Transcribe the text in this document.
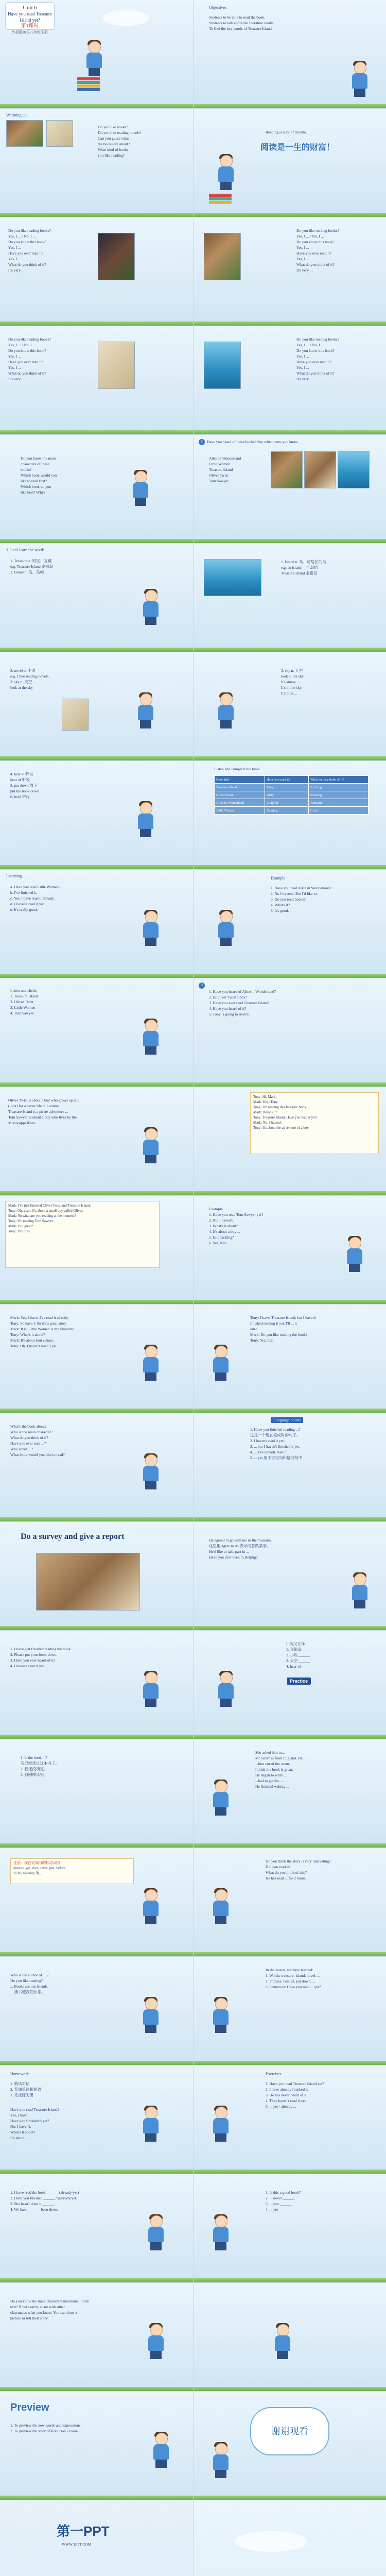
Unit 6
Have you read Treasure Island yet?
第1课时
外研版英语八年级下册
Objectives
Students to be able to read the book.
Students to talk about the literature works.
To find the key words of Treasure Island.
Warming up
Do you like books?
Do you like reading novels?
Can you guess what
the books are about?
What kind of books
you like reading?
Reading is a lot of trouble.
阅读是一生的财富！
Do you like reading books?
Yes, I ... / No, I ...
Do you know this book?
Yes, I ...
Have you ever read it?
Yes, I ...
What do you think of it?
It's very ...
Do you like reading books?
Yes, I ... / No, I ...
Do you know this book?
Yes, I ...
Have you ever read it?
Yes, I ...
What do you think of it?
It's very ...
Do you like reading books?
Yes, I ... / No, I ...
Do you know this book?
Yes, I ...
Have you ever read it?
Yes, I ...
What do you think of it?
It's very ...
Do you like reading books?
Yes, I ... / No, I ...
Do you know this book?
Yes, I ...
Have you ever read it?
Yes, I ...
What do you think of it?
It's very ...
Do you know the main
characters of these
books?
Which book would you
like to read first?
Which book do you
like best? Why?
1	Have you heard of these books? Say which ones you know.
Alice in Wonderland
Little Women
Treasure Island
Oliver Twist
Tom Sawyer
1. Let's learn the words
1. Treasure n. 财宝，宝藏
e.g. Treasure Island 金银岛
2. Island n. 岛，岛屿
1. Island n. 岛；可居住的岛
e.g. an island 一个岛屿
Treasure Island 金银岛
2. novel n. 小说
e.g. I like reading novels.
3. sky n. 天空
look at the sky
3. sky n. 天空
look at the sky
It's sunny ...
It's in the sky.
It's blue ...
4. hear v. 听说
hear of 听说
5. put down 放下
put the book down
6. hold 举行
Listen and complete the table.
Book title	Have you read it?	What do they think of it?
Treasure Island	Tony	Exciting
Oliver Twist	Betty	Exciting
Alice in Wonderland	Lingling	Fantastic
Little Women	Daming	Great
Listening
a. Have you read Little Women?
b. I've finished it.
c. Yes, I have read it already.
d. I haven't read it yet.
e. It's really good.
Example
1. Have you read Alice in Wonderland?
2. No I haven't. But I'd like to.
3. Do you read books?
4. What's it?
5. It's good.
Listen and check.
1. Treasure Island
2. Oliver Twist
3. Little Women
4. Tom Sawyer
3
1. Have you heard of Alice in Wonderland?
2. Is Oliver Twist a boy?
3. Have you ever read Treasure Island?
4. Have you heard of it?
5. Tony is going to read it.
Oliver Twist is about a boy who grows up and
(look) for a better life in London.
Treasure Island is a pirate adventure ...
Tom Sawyer is about a boy who lives by the
Mississippi River.
Tony: Hi, Mark.
Mark: Hey, Tony.
Tony: I'm reading this fantastic book.
Mark: What's it?
Tony: Treasure Island. Have you read it yet?
Mark: No, I haven't.
Tony: It's about the adventure of a boy.
Mark: I've just finished Oliver Twist and Treasure Island.
Tony: Oh, yeah. It's about a small boy called Oliver.
Mark: So what are you reading at the moment?
Tony: I'm reading Tom Sawyer.
Mark: Is it good?
Tony: Yes, it is.
Example
1. Have you read Tom Sawyer yet?
2. No, I haven't.
3. What's it about?
4. It's about a boy ...
5. Is it exciting?
6. Yes, it is.
Mark: Yes, I have. I've read it already.
Tony: So have I. So it's a great story.
Mark: It is. Little Women is my favourite.
Tony: What's it about?
Mark: It's about four sisters.
Tony: Oh, I haven't read it yet.
Tony: I have. Treasure Island, but I haven't
finished reading it yet. I'll ... it
later.
Mark: Do you like reading the book?
Tony: Yes, I do.
What's the book about?
Who is the main character?
What do you think of it?
Have you ever read ...?
Who wrote ...?
What book would you like to read?
Language points
1. Have you finished reading ...?
这是一个现在完成时的句子。
2. I haven't read it yet.
3. ... but I haven't finished it yet.
4. ... I've already read it.
5. ... yet 用于否定句和疑问句中
Do a survey and give a report	He agreed to go with me to the museum.
这里用 agree to do 表示同意做某事。
He'd like to take part in ...
Have you ever been to Beijing?
1. I have just finished reading the book.
2. Please put your book down.
3. Have you ever heard of it?
4. I haven't read it yet.
I. 英汉互译
1. 金银岛 ______
2. 小说 ______
3. 天空 ______
4. hear of ______
Practice
1. Is the book ...?
我已经读过这本书了。
2. 我还没读完。
3. 我刚刚读完。
She asked him to...
Mr Smith is from England. He ...
...him out of the room.
I think the book is great.
He began to write ...
...had to get his ...
He finished writing ...
注意：现在完成时的标志词有：
already, yet, ever, never, just, before
so far, recently 等。
Do you think the story is very interesting?
Did you read it?
What do you think of this?
He has read ... for 2 hours.
Who is the author of ... ?
Do you like reading?
... Books are our friends.
... 读书使我们快乐。
In the lesson, we have learned:
1. Words: treasure, island, novel, ...
2. Phrases: hear of, put down, ...
3. Sentences: Have you read ... yet?
Homework
1. 熟读对话
2. 背诵单词和短语
3. 完成练习册
Have you read Treasure Island?
Yes, I have.
Have you finished it yet?
No, I haven't.
What's it about?
It's about ...
Exercises
1. Have you read Treasure Island yet?
2. I have already finished it.
3. He has never heard of it.
4. They haven't read it yet.
5. ... yet / already ...
1. I have read the book ______ (already/yet)
2. Have you finished ______? (already/yet)
3. She hasn't done it ______.
4. We have ______ been there.
1. Is this a good book? ______
2. ... never ______
3. ... just ______
4. ... yet ______
Do you know the main characters mentioned in the
text? If not search, share with other
classmates what you know. You can draw a
picture or tell their story.
Preview
1. To preview the new words and expressions.
2. To preview the story of Robinson Crusoe.	谢谢观看
第一PPT
WWW.1PPT.COM
